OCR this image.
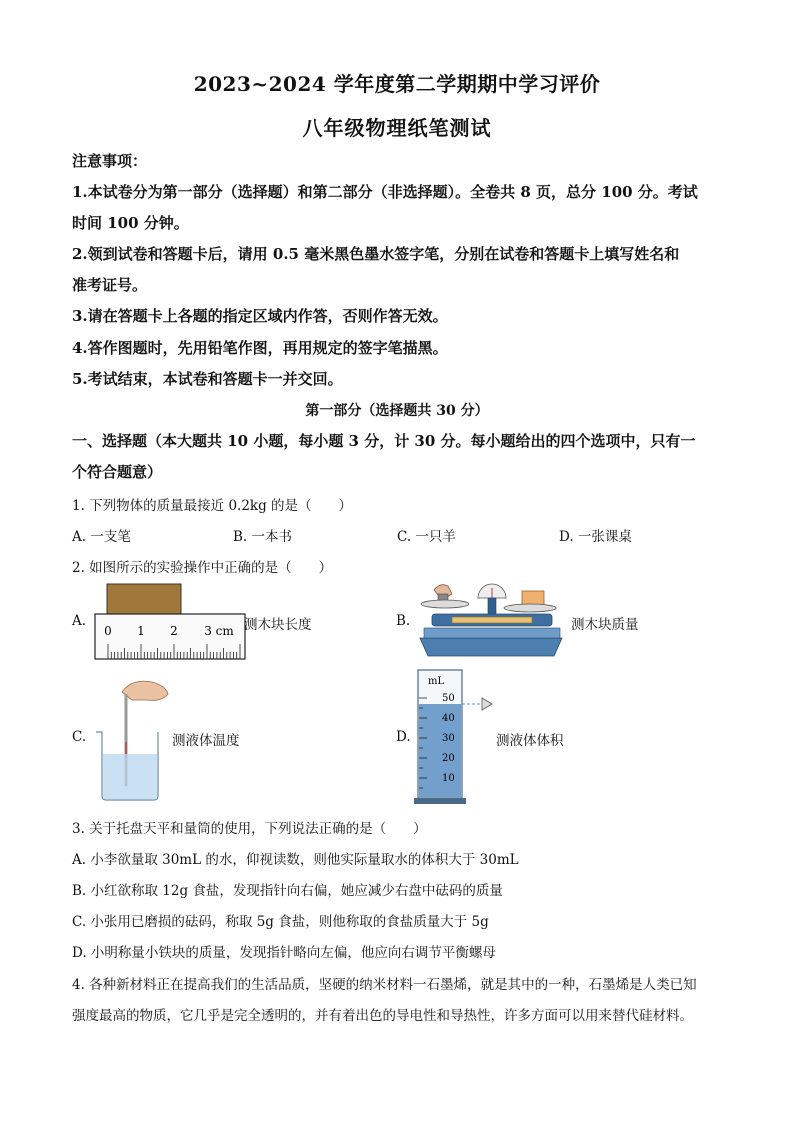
2023~2024 学年度第二学期期中学习评价
八年级物理纸笔测试
注意事项：
1.本试卷分为第一部分（选择题）和第二部分（非选择题）。全卷共 8 页，总分 100 分。考试
时间 100 分钟。
2.领到试卷和答题卡后，请用 0.5 毫米黑色墨水签字笔，分别在试卷和答题卡上填写姓名和
准考证号。
3.请在答题卡上各题的指定区域内作答，否则作答无效。
4.答作图题时，先用铅笔作图，再用规定的签字笔描黑。
5.考试结束，本试卷和答题卡一并交回。
第一部分（选择题共 30 分）
一、选择题（本大题共 10 小题，每小题 3 分，计 30 分。每小题给出的四个选项中，只有一
个符合题意）
1. 下列物体的质量最接近 0.2kg 的是（　　）
A. 一支笔	B. 一本书	C. 一只羊	D. 一张课桌
2. 如图所示的实验操作中正确的是（　　）
A.
0 1 2 3 cm 测木块长度	B.	测木块质量
C.	测液体温度	D.
mL
50
40
30
20
10
测液体体积
3. 关于托盘天平和量筒的使用，下列说法正确的是（　　）
A. 小李欲量取 30mL 的水，仰视读数，则他实际量取水的体积大于 30mL
B. 小红欲称取 12g 食盐，发现指针向右偏，她应减少右盘中砝码的质量
C. 小张用已磨损的砝码，称取 5g 食盐，则他称取的食盐质量大于 5g
D. 小明称量小铁块的质量，发现指针略向左偏，他应向右调节平衡螺母
4. 各种新材料正在提高我们的生活品质，坚硬的纳米材料一石墨烯，就是其中的一种，石墨烯是人类已知
强度最高的物质，它几乎是完全透明的，并有着出色的导电性和导热性，许多方面可以用来替代硅材料。
